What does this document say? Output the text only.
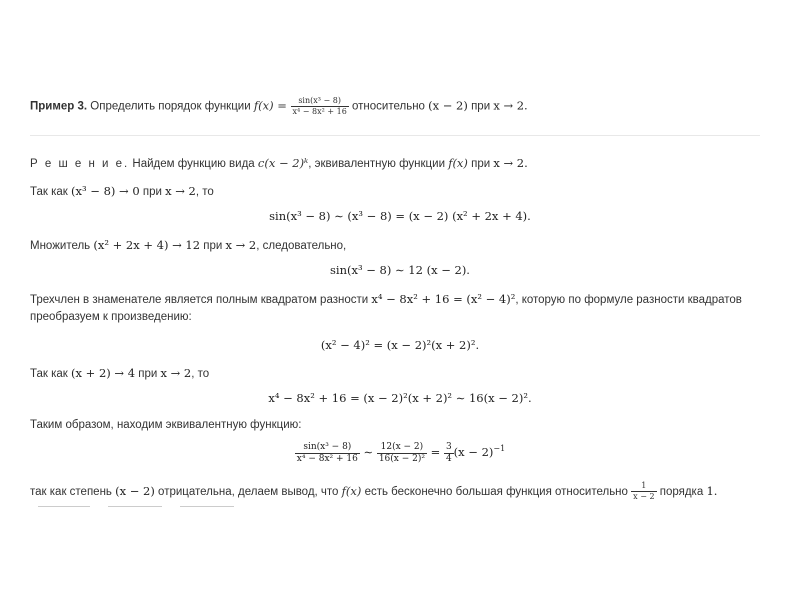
Пример 3. Определить порядок функции $f(x) = \frac{\text{sin(x³ − 8)}}{\text{x⁴ − 8x² + 16}}$ относительно (x − 2) при x → 2.
Р е ш е н и е. Найдем функцию вида c(x − 2)ᵏ, эквивалентную функции f(x) при x → 2.
Так как (x³ − 8) → 0 при x → 2, то
sin(x³ − 8) ∼ (x³ − 8) = (x − 2) (x² + 2x + 4).
Множитель (x² + 2x + 4) → 12 при x → 2, следовательно,
sin(x³ − 8) ∼ 12 (x − 2).
Трехчлен в знаменателе является полным квадратом разности x⁴ − 8x² + 16 = (x² − 4)², которую по формуле разности квадратов
преобразуем к произведению:
(x² − 4)² = (x − 2)²(x + 2)².
Так как (x + 2) → 4 при x → 2, то
x⁴ − 8x² + 16 = (x − 2)²(x + 2)² ∼ 16(x − 2)².
Таким образом, находим эквивалентную функцию:
$\frac{\text{sin(x³ − 8)}}{\text{x⁴ − 8x² + 16}}$ ∼ $\frac{12(x - 2)}{\text{16(x − 2)²}} = \frac{3}{4} (x - 2)^{-1}$
так как степень (x − 2) отрицательна, делаем вывод, что f(x) есть бесконечно большая функция относительно $\frac{1}{x - 2}$ порядка 1.
